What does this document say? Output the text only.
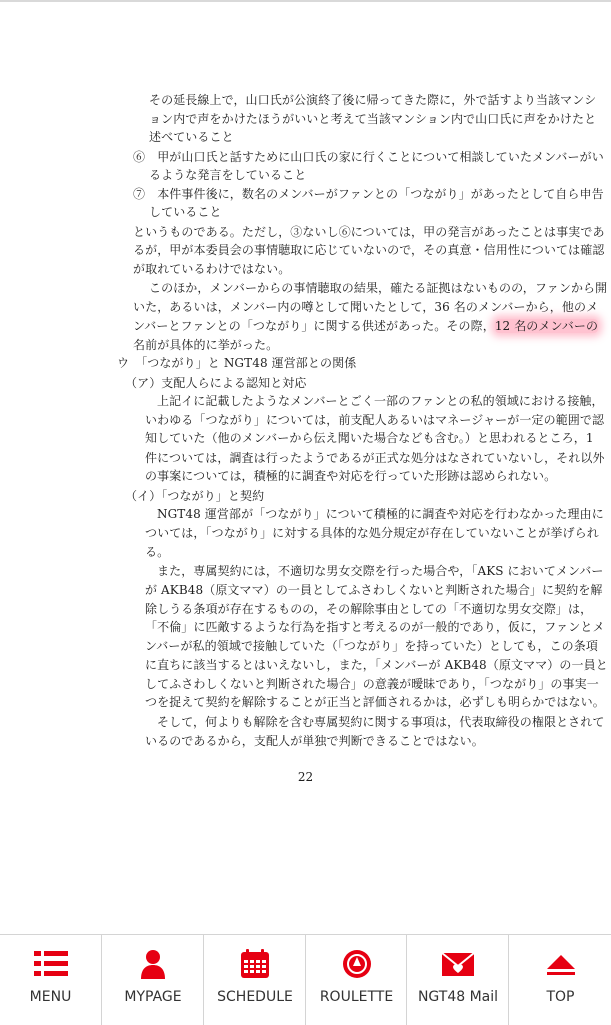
その延長線上で，山口氏が公演終了後に帰ってきた際に，外で話すより当該マンシ
ョン内で声をかけたほうがいいと考えて当該マンション内で山口氏に声をかけたと
述べていること
⑥　甲が山口氏と話すために山口氏の家に行くことについて相談していたメンバーがい
るような発言をしていること
⑦　本件事件後に，数名のメンバーがファンとの「つながり」があったとして自ら申告
していること
というものである。ただし，③ないし⑥については，甲の発言があったことは事実であ
るが，甲が本委員会の事情聴取に応じていないので，その真意・信用性については確認
が取れているわけではない。
このほか，メンバーからの事情聴取の結果，確たる証拠はないものの，ファンから開
いた，あるいは，メンバー内の噂として聞いたとして，36 名のメンバーから，他のメ
ンバーとファンとの「つながり」に関する供述があった。その際，12 名のメンバーの
名前が具体的に挙がった。
ウ　「つながり」と NGT48 運営部との関係
（ア）支配人らによる認知と対応
上記イに記載したようなメンバーとごく一部のファンとの私的領域における接触，
いわゆる「つながり」については，前支配人あるいはマネージャーが一定の範囲で認
知していた（他のメンバーから伝え聞いた場合なども含む。）と思われるところ，1
件については，調査は行ったようであるが正式な処分はなされていないし，それ以外
の事案については，積極的に調査や対応を行っていた形跡は認められない。
（イ）「つながり」と契約
NGT48 運営部が「つながり」について積極的に調査や対応を行わなかった理由に
ついては，「つながり」に対する具体的な処分規定が存在していないことが挙げられ
る。
また，専属契約には，不適切な男女交際を行った場合や，「AKS においてメンバー
が AKB48（原文ママ）の一員としてふさわしくないと判断された場合」に契約を解
除しうる条項が存在するものの，その解除事由としての「不適切な男女交際」は，
「不倫」に匹敵するような行為を指すと考えるのが一般的であり，仮に，ファンとメ
ンバーが私的領域で接触していた（「つながり」を持っていた）としても，この条項
に直ちに該当するとはいえないし，また，「メンバーが AKB48（原文ママ）の一員と
してふさわしくないと判断された場合」の意義が曖昧であり，「つながり」の事実一
つを捉えて契約を解除することが正当と評価されるかは，必ずしも明らかではない。
そして，何よりも解除を含む専属契約に関する事項は，代表取締役の権限とされて
いるのであるから，支配人が単独で判断できることではない。
22
MENU	MYPAGE	SCHEDULE	ROULETTE	NGT48 Mail	TOP
